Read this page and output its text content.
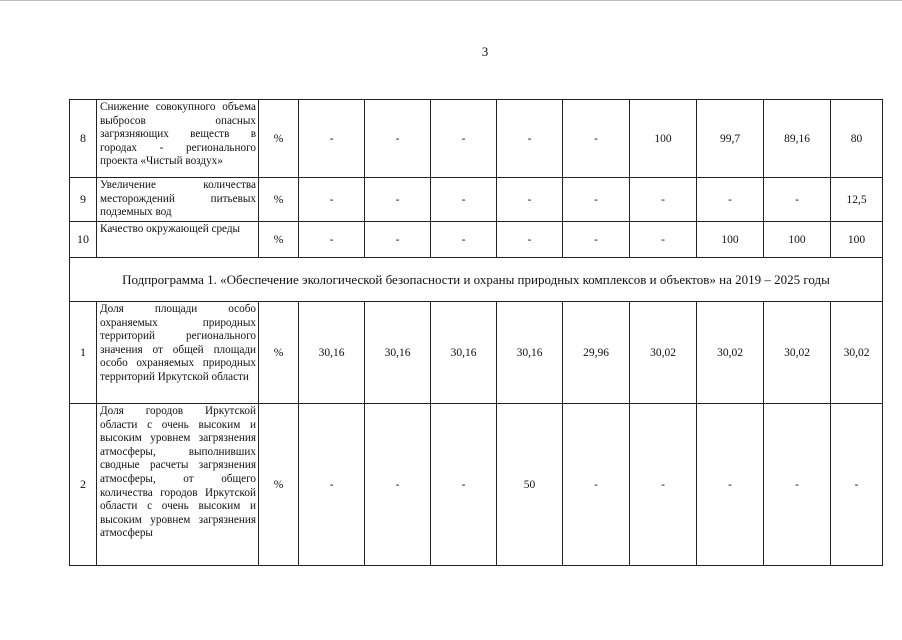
3
8	Снижение совокупного объема выбросов опасных загрязняющих веществ в городах - регионального проекта «Чистый воздух»	%	-	-	-	-	-	100	99,7	89,16	80
9	Увеличение количества месторождений питьевых подземных вод	%	-	-	-	-	-	-	-	-	12,5
10	Качество окружающей среды	%	-	-	-	-	-	-	100	100	100
Подпрограмма 1. «Обеспечение экологической безопасности и охраны природных комплексов и объектов» на 2019 – 2025 годы											
1	Доля площади особо охраняемых природных территорий регионального значения от общей площади особо охраняемых природных территорий Иркутской области	%	30,16	30,16	30,16	30,16	29,96	30,02	30,02	30,02	30,02
2	Доля городов Иркутской области с очень высоким и высоким уровнем загрязнения атмосферы, выполнивших сводные расчеты загрязнения атмосферы, от общего количества городов Иркутской области с очень высоким и высоким уровнем загрязнения атмосферы	%	-	-	-	50	-	-	-	-	-
